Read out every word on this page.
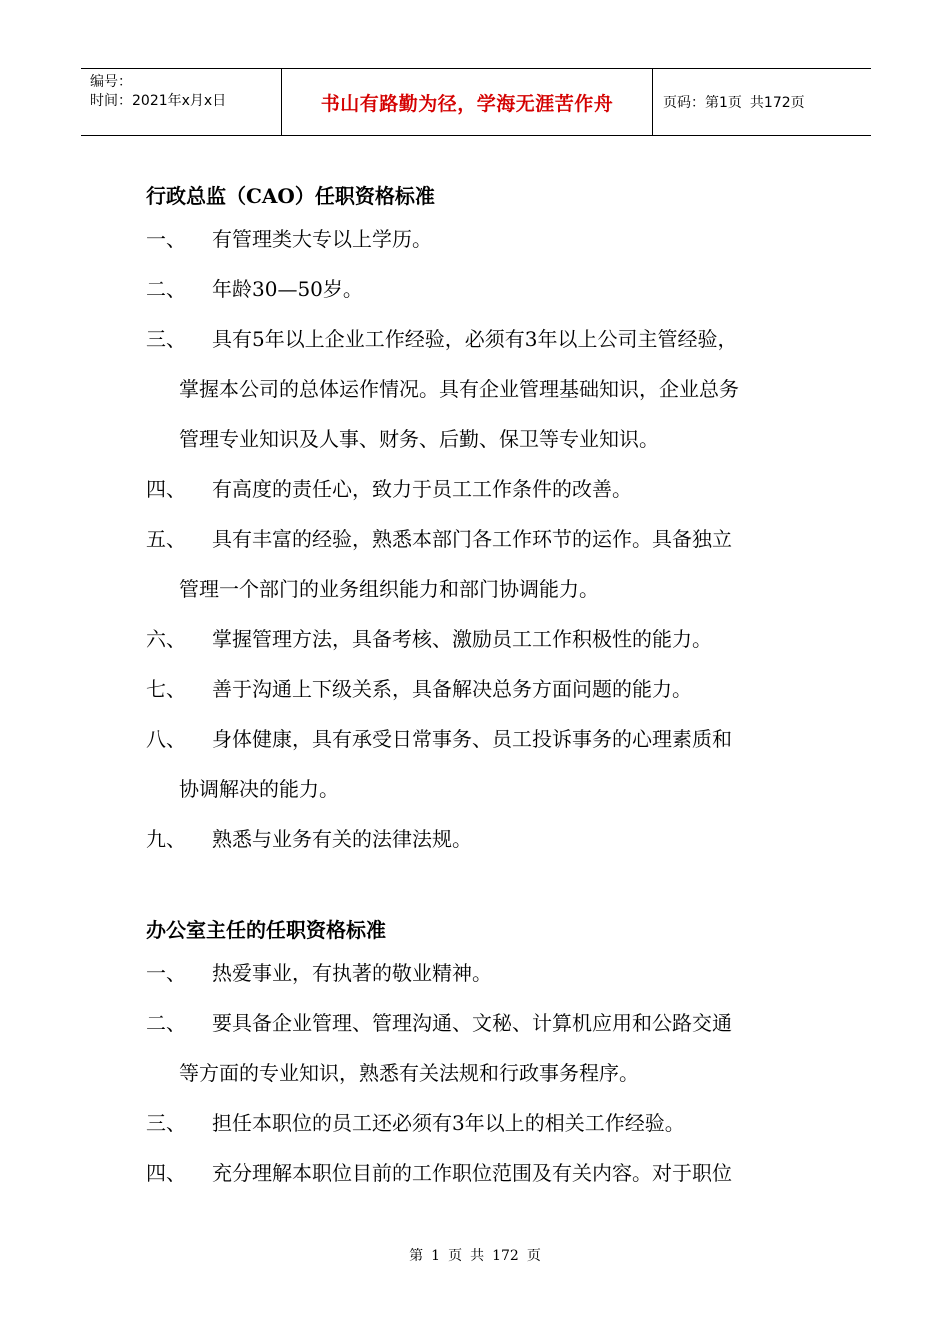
编号：
时间：2021年x月x日	书山有路勤为径，学海无涯苦作舟	页码：第1页 共172页
行政总监（CAO）任职资格标准
一、	有管理类大专以上学历。
二、	年龄30—50岁。
三、	具有5年以上企业工作经验，必须有3年以上公司主管经验，
掌握本公司的总体运作情况。具有企业管理基础知识，企业总务
管理专业知识及人事、财务、后勤、保卫等专业知识。
四、	有高度的责任心，致力于员工工作条件的改善。
五、	具有丰富的经验，熟悉本部门各工作环节的运作。具备独立
管理一个部门的业务组织能力和部门协调能力。
六、	掌握管理方法，具备考核、激励员工工作积极性的能力。
七、	善于沟通上下级关系，具备解决总务方面问题的能力。
八、	身体健康，具有承受日常事务、员工投诉事务的心理素质和
协调解决的能力。
九、	熟悉与业务有关的法律法规。
办公室主任的任职资格标准
一、	热爱事业，有执著的敬业精神。
二、	要具备企业管理、管理沟通、文秘、计算机应用和公路交通
等方面的专业知识，熟悉有关法规和行政事务程序。
三、	担任本职位的员工还必须有3年以上的相关工作经验。
四、	充分理解本职位目前的工作职位范围及有关内容。对于职位
第 1 页 共 172 页
